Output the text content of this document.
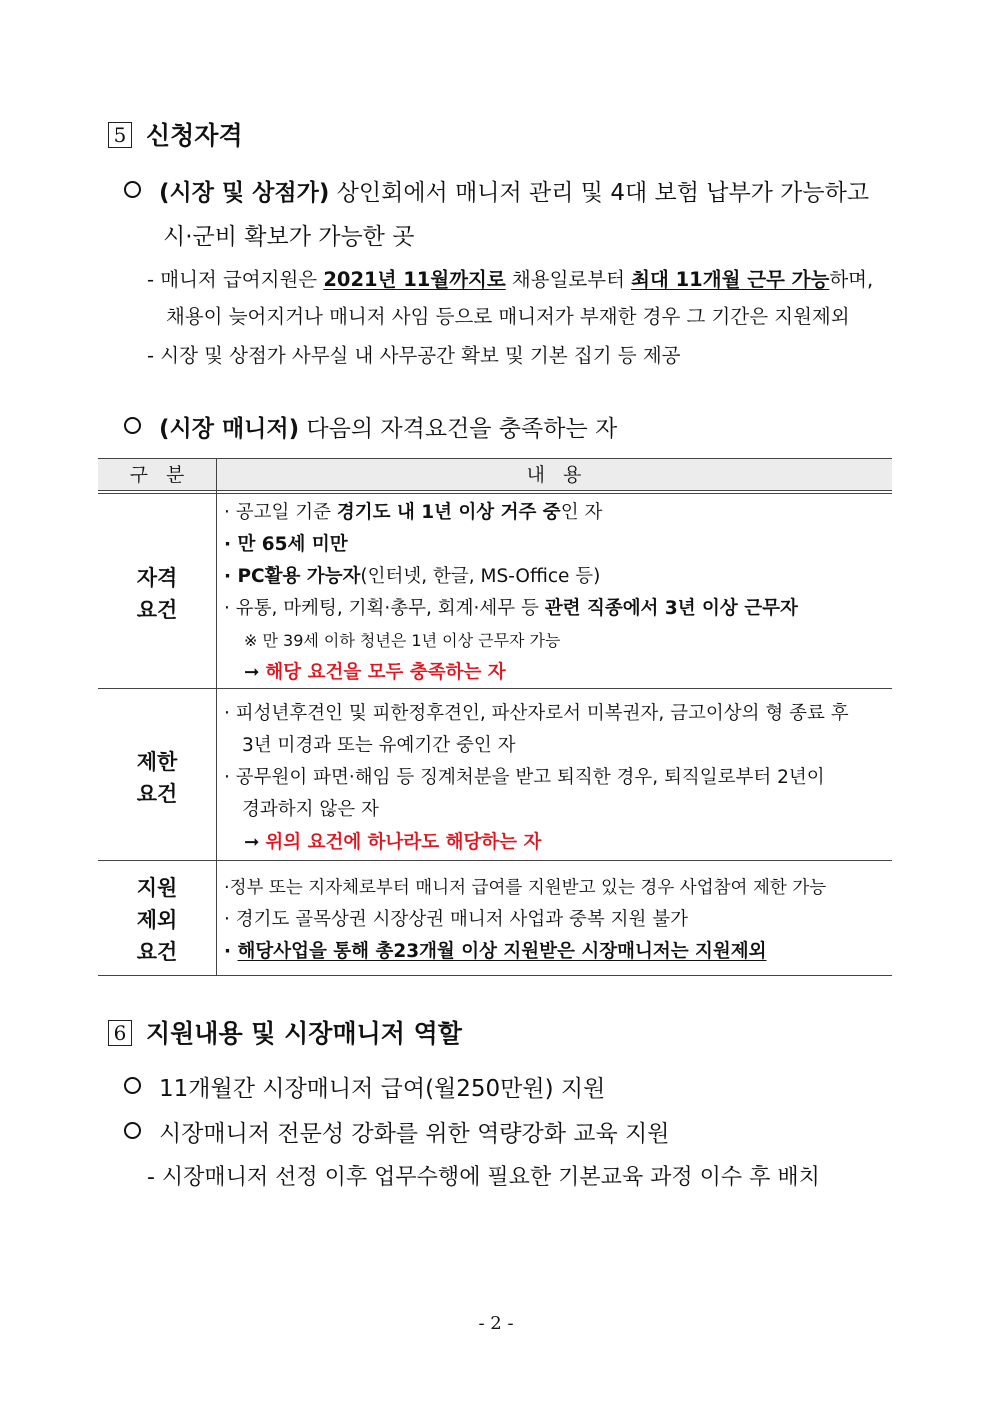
5 신청자격
(시장 및 상점가) 상인회에서 매니저 관리 및 4대 보험 납부가 가능하고
시·군비 확보가 가능한 곳
- 매니저 급여지원은 2021년 11월까지로 채용일로부터 최대 11개월 근무 가능하며,
채용이 늦어지거나 매니저 사임 등으로 매니저가 부재한 경우 그 기간은 지원제외
- 시장 및 상점가 사무실 내 사무공간 확보 및 기본 집기 등 제공
(시장 매니저) 다음의 자격요건을 충족하는 자
구   분	내   용
자격
요건
· 공고일 기준 경기도 내 1년 이상 거주 중인 자
· 만 65세 미만
· PC활용 가능자(인터넷, 한글, MS-Office 등)
· 유통, 마케팅, 기획·총무, 회계·세무 등 관련 직종에서 3년 이상 근무자
※ 만 39세 이하 청년은 1년 이상 근무자 가능
➞ 해당 요건을 모두 충족하는 자
제한
요건
· 피성년후견인 및 피한정후견인, 파산자로서 미복권자, 금고이상의 형 종료 후
3년 미경과 또는 유예기간 중인 자
· 공무원이 파면·해임 등 징계처분을 받고 퇴직한 경우, 퇴직일로부터 2년이
경과하지 않은 자
➞ 위의 요건에 하나라도 해당하는 자
지원
제외
요건
·정부 또는 지자체로부터 매니저 급여를 지원받고 있는 경우 사업참여 제한 가능
· 경기도 골목상권 시장상권 매니저 사업과 중복 지원 불가
· 해당사업을 통해 총23개월 이상 지원받은 시장매니저는 지원제외
6 지원내용 및 시장매니저 역할
11개월간 시장매니저 급여(월250만원) 지원
시장매니저 전문성 강화를 위한 역량강화 교육 지원
- 시장매니저 선정 이후 업무수행에 필요한 기본교육 과정 이수 후 배치
- 2 -
